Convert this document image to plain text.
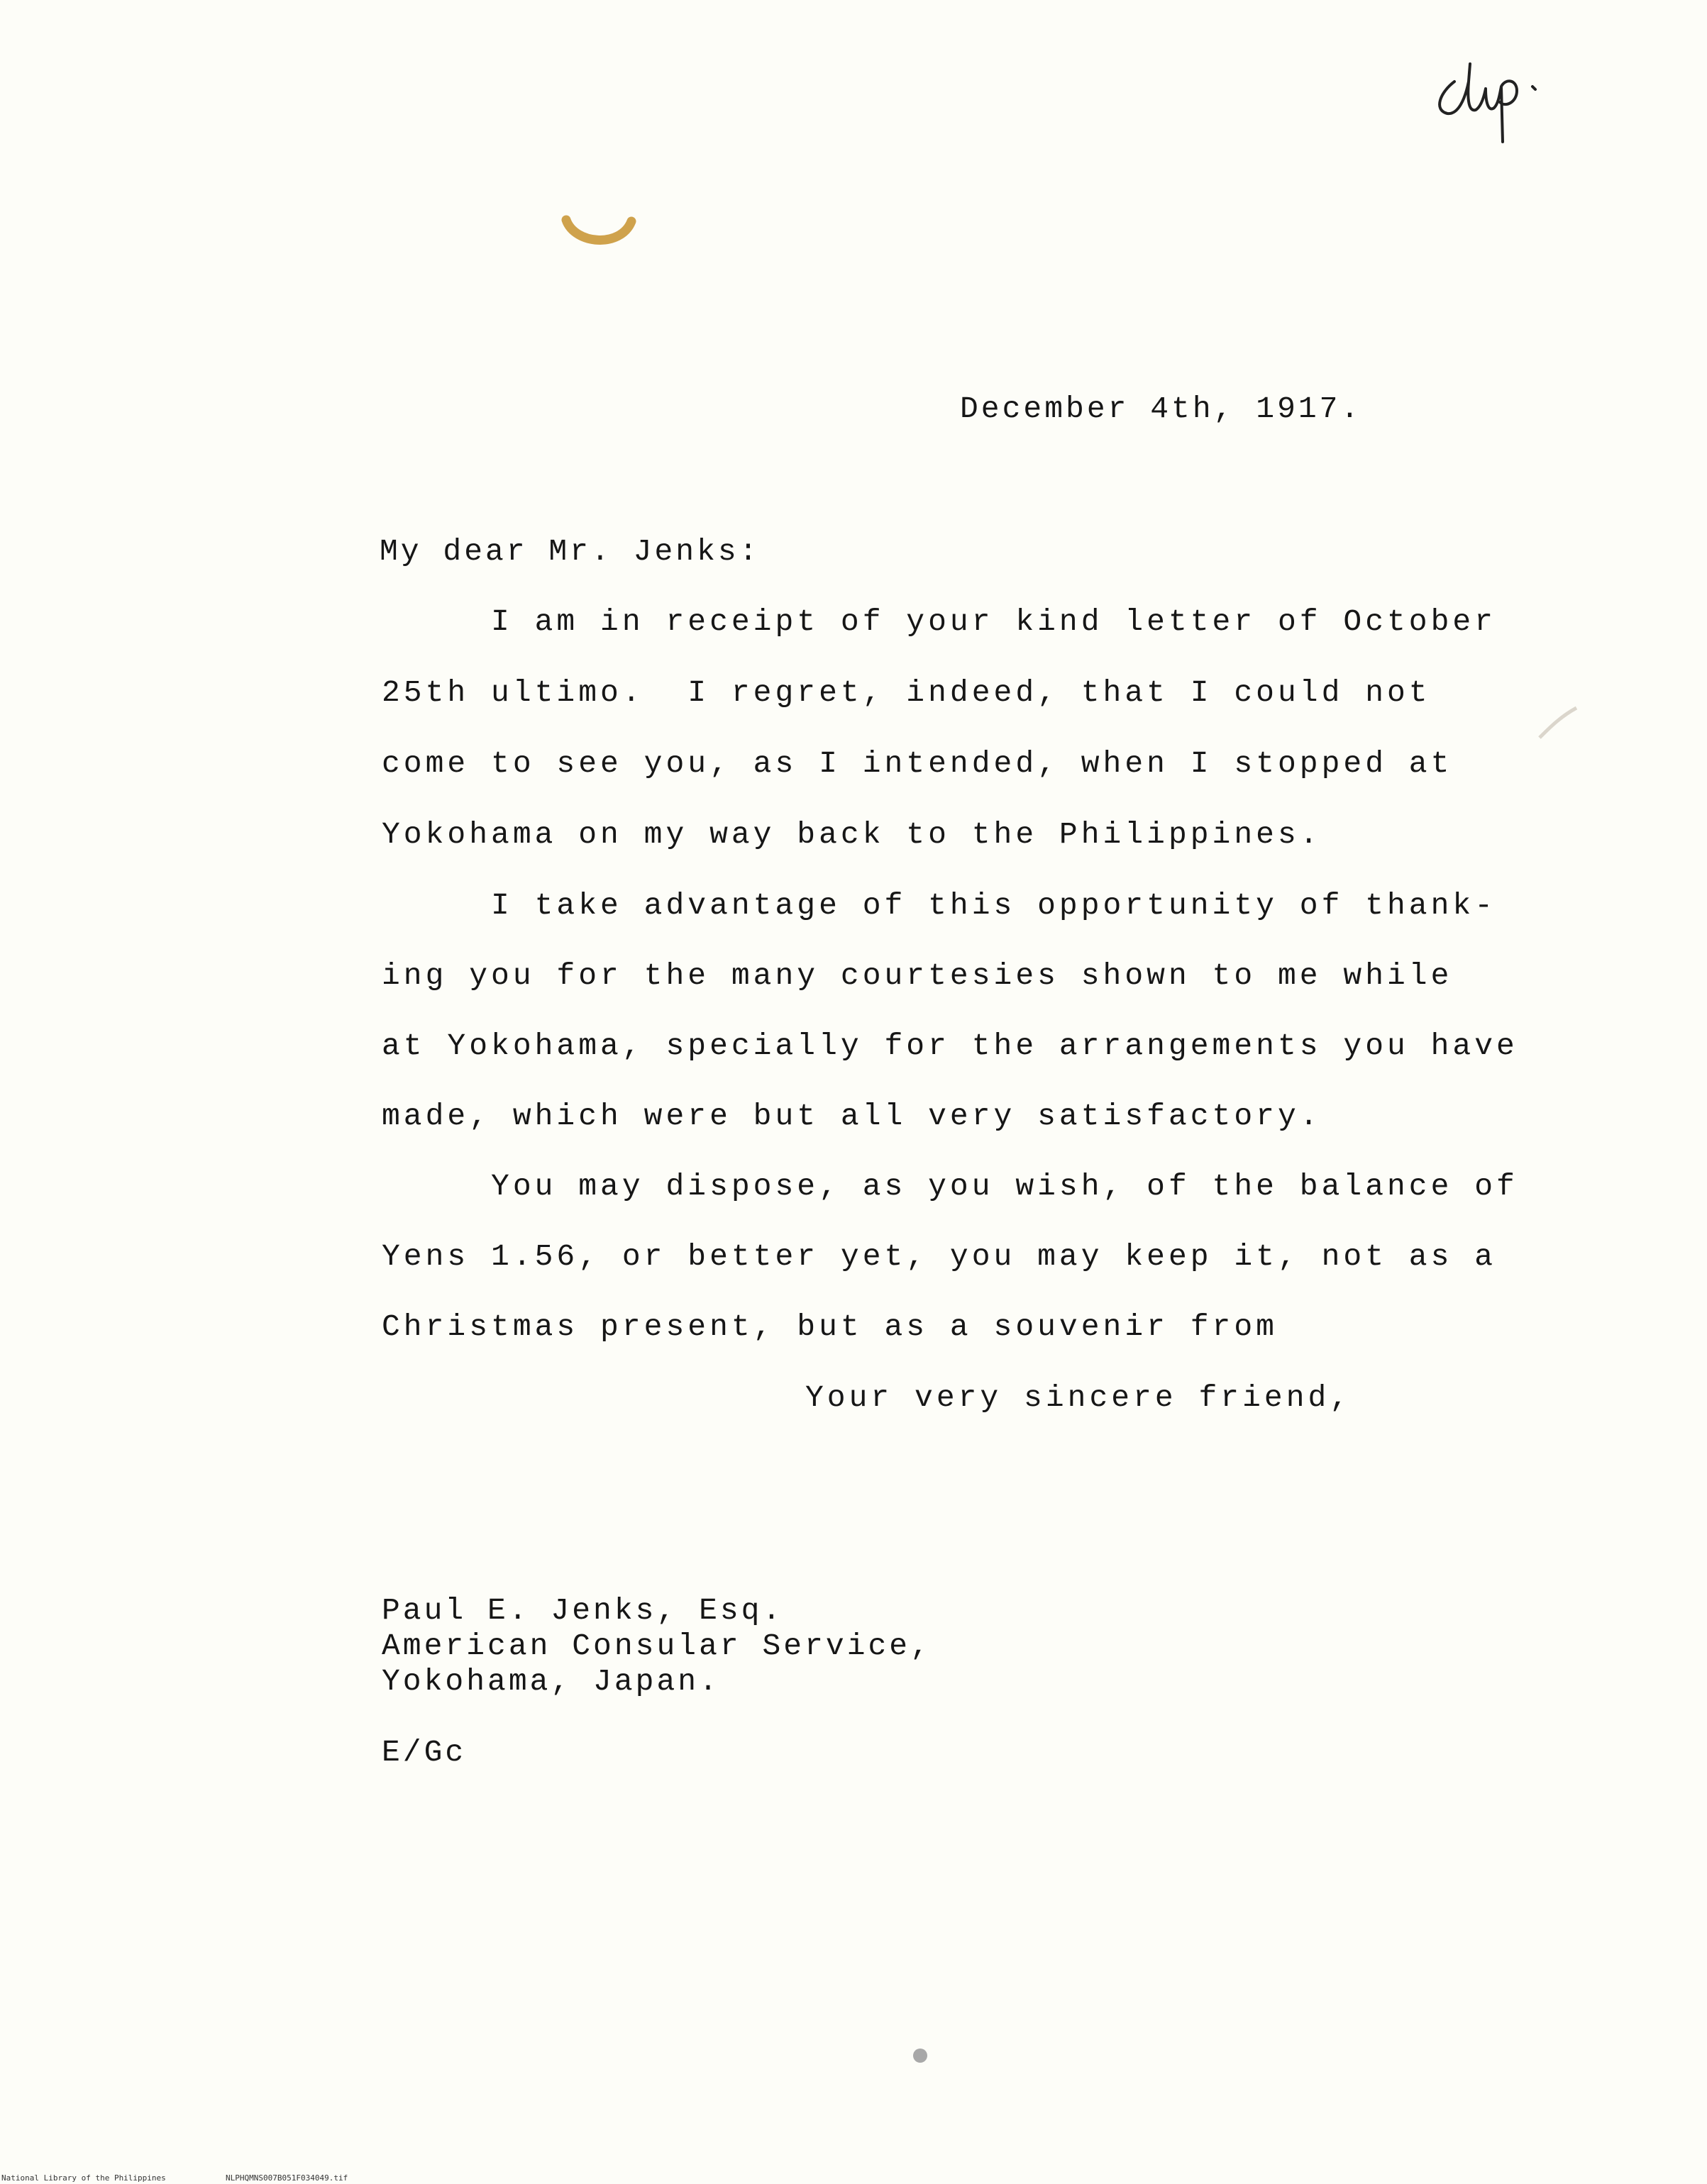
December 4th, 1917.
My dear Mr. Jenks:
I am in receipt of your kind letter of October
25th ultimo.  I regret, indeed, that I could not
come to see you, as I intended, when I stopped at
Yokohama on my way back to the Philippines.
I take advantage of this opportunity of thank-
ing you for the many courtesies shown to me while
at Yokohama, specially for the arrangements you have
made, which were but all very satisfactory.
You may dispose, as you wish, of the balance of
Yens 1.56, or better yet, you may keep it, not as a
Christmas present, but as a souvenir from
Your very sincere friend,
Paul E. Jenks, Esq.
American Consular Service,
Yokohama, Japan.
E/Gc
National Library of the Philippines	NLPHQMNS007B051F034049.tif
